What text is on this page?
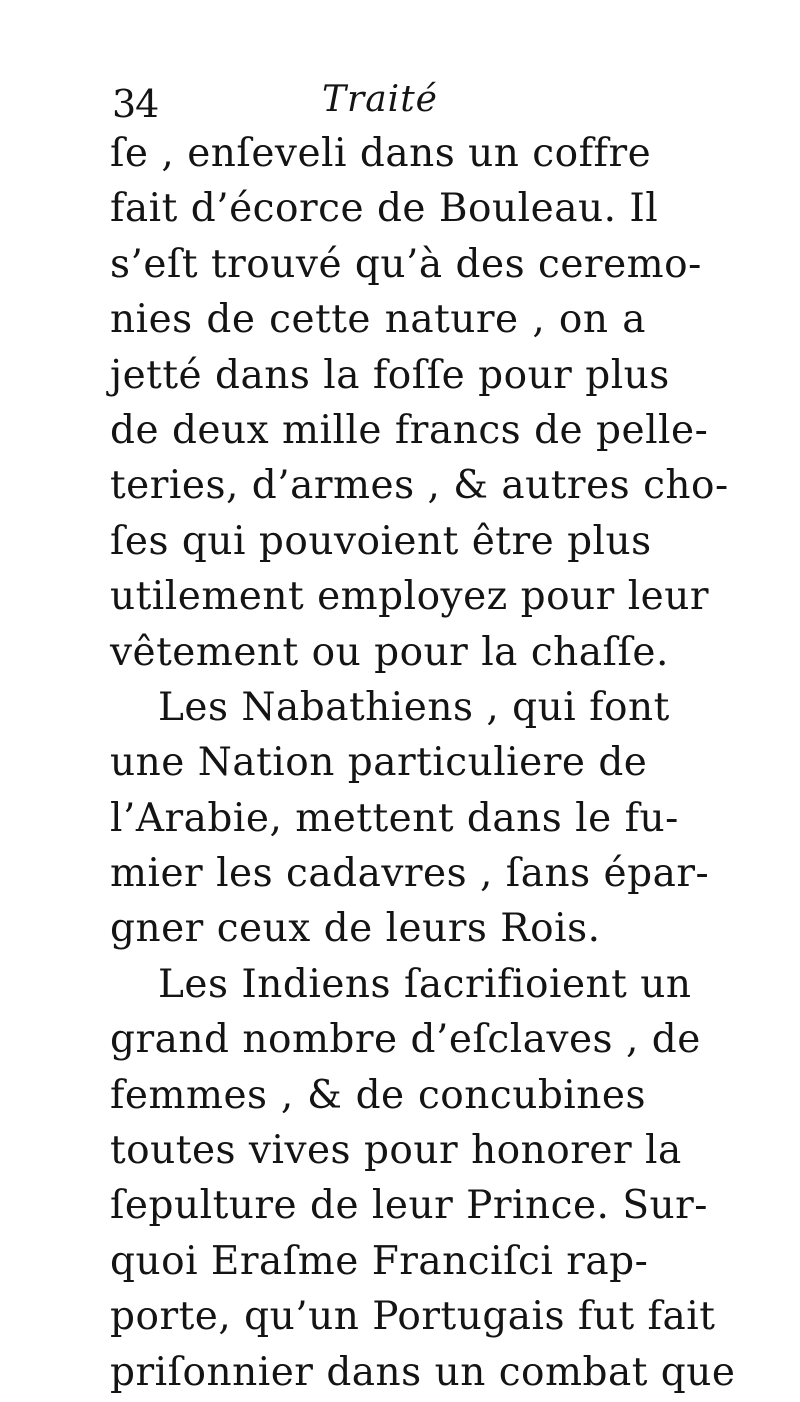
34	Traité
ſe , enſeveli dans un coffre
fait d’écorce de Bouleau. Il
s’eſt trouvé qu’à des ceremo-
nies de cette nature , on a
jetté dans la foſſe pour plus
de deux mille francs de pelle-
teries, d’armes , & autres cho-
ſes qui pouvoient être plus
utilement employez pour leur
vêtement ou pour la chaſſe.
Les Nabathiens , qui font
une Nation particuliere de
l’Arabie, mettent dans le fu-
mier les cadavres , ſans épar-
gner ceux de leurs Rois.
Les Indiens ſacrifioient un
grand nombre d’eſclaves , de
femmes , & de concubines
toutes vives pour honorer la
ſepulture de leur Prince. Sur-
quoi Eraſme Franciſci rap-
porte, qu’un Portugais fut fait
priſonnier dans un combat que
